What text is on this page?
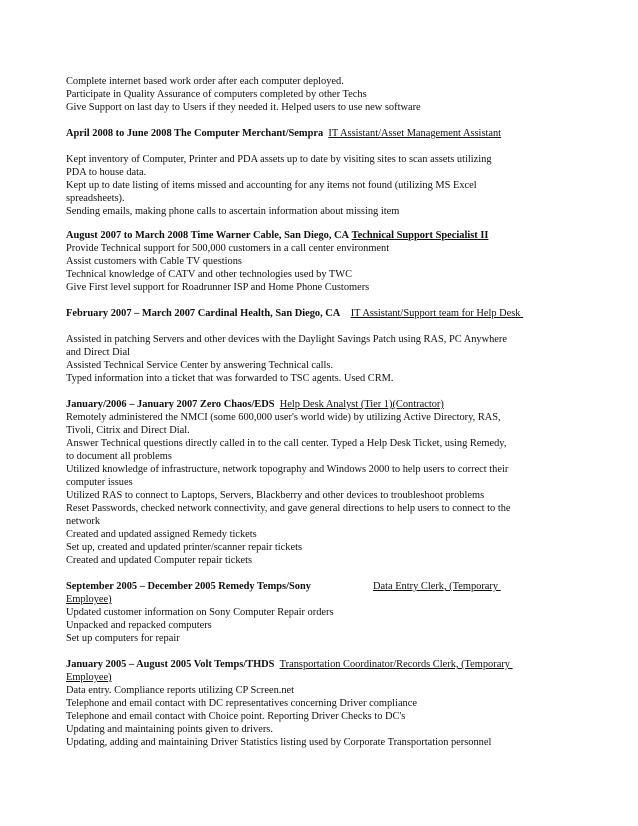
Complete internet based work order after each computer deployed.
Participate in Quality Assurance of computers completed by other Techs
Give Support on last day to Users if they needed it. Helped users to use new software
April 2008 to June 2008 The Computer Merchant/Sempra IT Assistant/Asset Management Assistant
Kept inventory of Computer, Printer and PDA assets up to date by visiting sites to scan assets utilizing
PDA to house data.
Kept up to date listing of items missed and accounting for any items not found (utilizing MS Excel
spreadsheets).
Sending emails, making phone calls to ascertain information about missing item
August 2007 to March 2008 Time Warner Cable, San Diego, CA Technical Support Specialist II
Provide Technical support for 500,000 customers in a call center environment
Assist customers with Cable TV questions
Technical knowledge of CATV and other technologies used by TWC
Give First level support for Roadrunner ISP and Home Phone Customers
February 2007 – March 2007 Cardinal Health, San Diego, CA IT Assistant/Support team for Help Desk
Assisted in patching Servers and other devices with the Daylight Savings Patch using RAS, PC Anywhere
and Direct Dial
Assisted Technical Service Center by answering Technical calls.
Typed information into a ticket that was forwarded to TSC agents. Used CRM.
January/2006 – January 2007 Zero Chaos/EDS Help Desk Analyst (Tier 1)(Contractor)
Remotely administered the NMCI (some 600,000 user's world wide) by utilizing Active Directory, RAS,
Tivoli, Citrix and Direct Dial.
Answer Technical questions directly called in to the call center. Typed a Help Desk Ticket, using Remedy,
to document all problems
Utilized knowledge of infrastructure, network topography and Windows 2000 to help users to correct their
computer issues
Utilized RAS to connect to Laptops, Servers, Blackberry and other devices to troubleshoot problems
Reset Passwords, checked network connectivity, and gave general directions to help users to connect to the
network
Created and updated assigned Remedy tickets
Set up, created and updated printer/scanner repair tickets
Created and updated Computer repair tickets
September 2005 – December 2005 Remedy Temps/Sony	Data Entry Clerk, (Temporary
Employee)
Updated customer information on Sony Computer Repair orders
Unpacked and repacked computers
Set up computers for repair
January 2005 – August 2005 Volt Temps/THDS Transportation Coordinator/Records Clerk, (Temporary
Employee)
Data entry. Compliance reports utilizing CP Screen.net
Telephone and email contact with DC representatives concerning Driver compliance
Telephone and email contact with Choice point. Reporting Driver Checks to DC's
Updating and maintaining points given to drivers.
Updating, adding and maintaining Driver Statistics listing used by Corporate Transportation personnel
